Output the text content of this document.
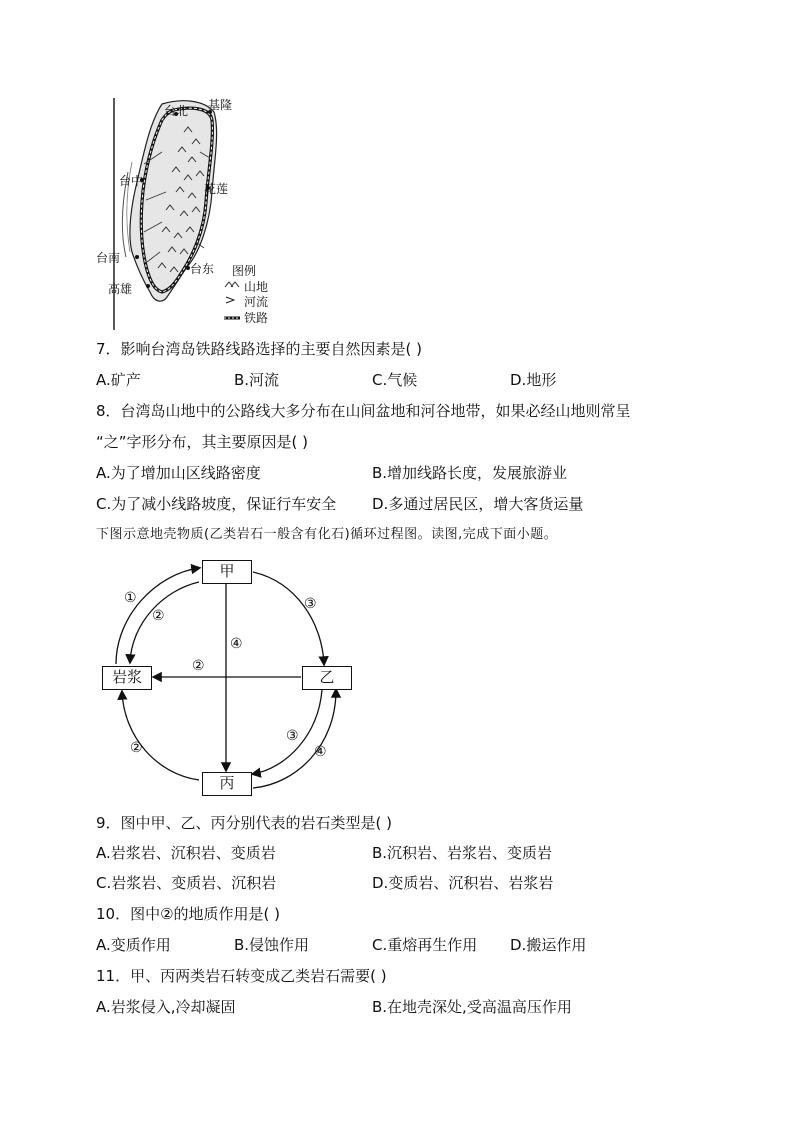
台北 基隆
台中
花莲
台南
台东
高雄
图例
山地
河流
铁路
7．影响台湾岛铁路线路选择的主要自然因素是( )
A.矿产	B.河流	C.气候	D.地形
8．台湾岛山地中的公路线大多分布在山间盆地和河谷地带，如果必经山地则常呈
“之”字形分布，其主要原因是( )
A.为了增加山区线路密度	B.增加线路长度，发展旅游业
C.为了减小线路坡度，保证行车安全 D.多通过居民区，增大客货运量
下图示意地壳物质(乙类岩石一般含有化石)循环过程图。读图,完成下面小题。
甲
岩浆	乙
丙
①
②
③
④
②
③
④
②
9．图中甲、乙、丙分别代表的岩石类型是( )
A.岩浆岩、沉积岩、变质岩	B.沉积岩、岩浆岩、变质岩
C.岩浆岩、变质岩、沉积岩	D.变质岩、沉积岩、岩浆岩
10．图中②的地质作用是( )
A.变质作用	B.侵蚀作用	C.重熔再生作用 D.搬运作用
11．甲、丙两类岩石转变成乙类岩石需要( )
A.岩浆侵入,冷却凝固	B.在地壳深处,受高温高压作用
